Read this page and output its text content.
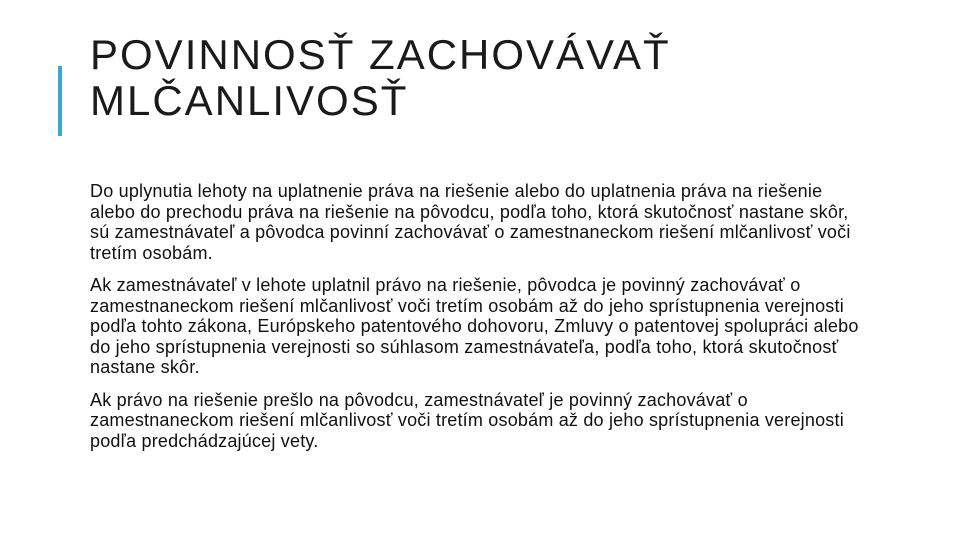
POVINNOSŤ ZACHOVÁVAŤ
MLČANLIVOSŤ

Do uplynutia lehoty na uplatnenie práva na riešenie alebo do uplatnenia práva na riešenie alebo do prechodu práva na riešenie na pôvodcu, podľa toho, ktorá skutočnosť nastane skôr, sú zamestnávateľ a pôvodca povinní zachovávať o zamestnaneckom riešení mlčanlivosť voči tretím osobám.

Ak zamestnávateľ v lehote uplatnil právo na riešenie, pôvodca je povinný zachovávať o zamestnaneckom riešení mlčanlivosť voči tretím osobám až do jeho sprístupnenia verejnosti podľa tohto zákona, Európskeho patentového dohovoru, Zmluvy o patentovej spolupráci alebo do jeho sprístupnenia verejnosti so súhlasom zamestnávateľa, podľa toho, ktorá skutočnosť nastane skôr.

Ak právo na riešenie prešlo na pôvodcu, zamestnávateľ je povinný zachovávať o zamestnaneckom riešení mlčanlivosť voči tretím osobám až do jeho sprístupnenia verejnosti podľa predchádzajúcej vety.
